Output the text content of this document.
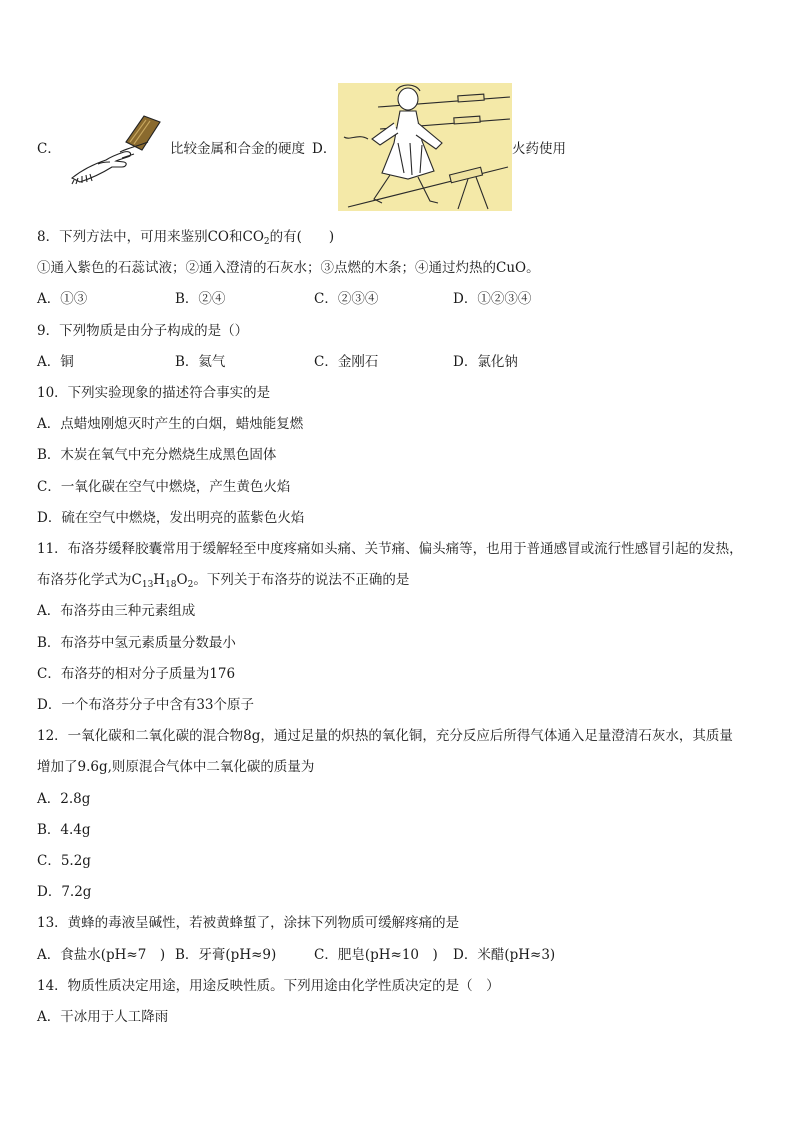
C．	比较金属和合金的硬度 D．	火药使用
8．下列方法中，可用来鉴别CO和$CO_2$的有(　　)
①通入紫色的石蕊试液；②通入澄清的石灰水；③点燃的木条；④通过灼热的CuO。
A．①③	B．②④	C．②③④	D．①②③④
9．下列物质是由分子构成的是（）
A．铜	B．氦气	C．金刚石	D．氯化钠
10．下列实验现象的描述符合事实的是
A．点蜡烛刚熄灭时产生的白烟，蜡烛能复燃
B．木炭在氧气中充分燃烧生成黑色固体
C．一氧化碳在空气中燃烧，产生黄色火焰
D．硫在空气中燃烧，发出明亮的蓝紫色火焰
11．布洛芬缓释胶囊常用于缓解轻至中度疼痛如头痛、关节痛、偏头痛等，也用于普通感冒或流行性感冒引起的发热，
布洛芬化学式为$C_{13}H_{18}O_2$。下列关于布洛芬的说法不正确的是
A．布洛芬由三种元素组成
B．布洛芬中氢元素质量分数最小
C．布洛芬的相对分子质量为176
D．一个布洛芬分子中含有33个原子
12．一氧化碳和二氧化碳的混合物8g，通过足量的炽热的氧化铜，充分反应后所得气体通入足量澄清石灰水，其质量
增加了9.6g,则原混合气体中二氧化碳的质量为
A．2.8g
B．4.4g
C．5.2g
D．7.2g
13．黄蜂的毒液呈碱性，若被黄蜂蜇了，涂抹下列物质可缓解疼痛的是
A．食盐水(pH≈7　) B．牙膏(pH≈9)	C．肥皂(pH≈10　) D．米醋(pH≈3)
14．物质性质决定用途，用途反映性质。下列用途由化学性质决定的是（　）
A．干冰用于人工降雨
